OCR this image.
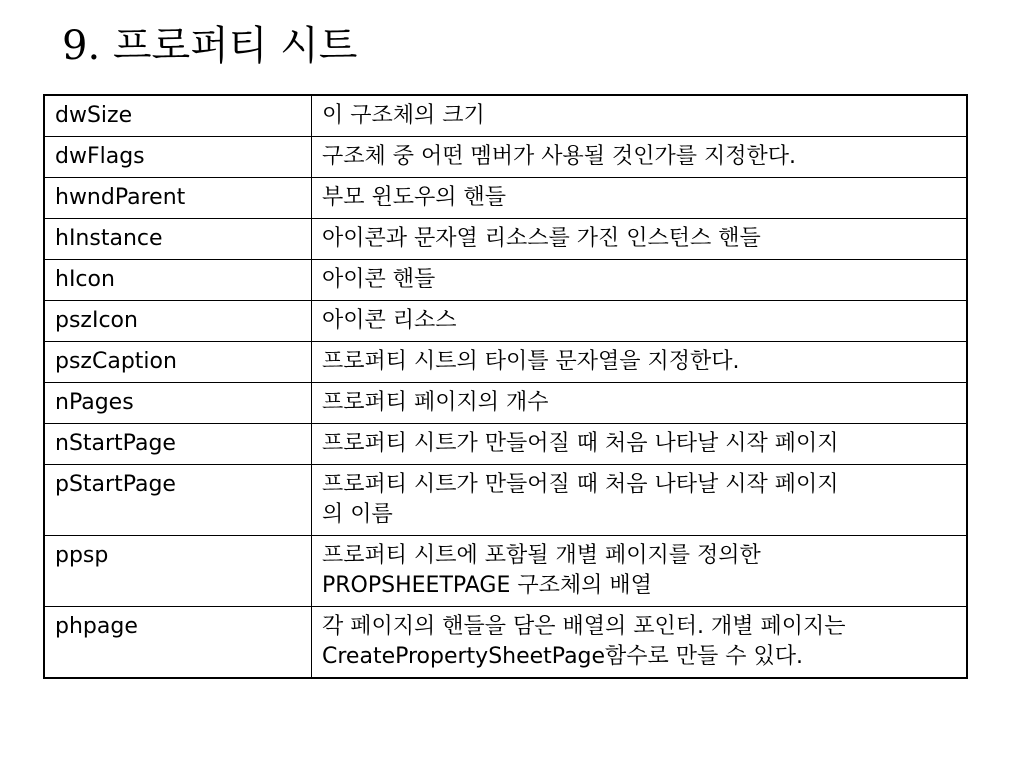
9. 프로퍼티 시트
dwSize	이 구조체의 크기
dwFlags	구조체 중 어떤 멤버가 사용될 것인가를 지정한다.
hwndParent	부모 윈도우의 핸들
hInstance	아이콘과 문자열 리소스를 가진 인스턴스 핸들
hIcon	아이콘 핸들
pszIcon	아이콘 리소스
pszCaption	프로퍼티 시트의 타이틀 문자열을 지정한다.
nPages	프로퍼티 페이지의 개수
nStartPage	프로퍼티 시트가 만들어질 때 처음 나타날 시작 페이지
pStartPage	프로퍼티 시트가 만들어질 때 처음 나타날 시작 페이지
의 이름
ppsp	프로퍼티 시트에 포함될 개별 페이지를 정의한
PROPSHEETPAGE 구조체의 배열
phpage	각 페이지의 핸들을 담은 배열의 포인터. 개별 페이지는
CreatePropertySheetPage함수로 만들 수 있다.
